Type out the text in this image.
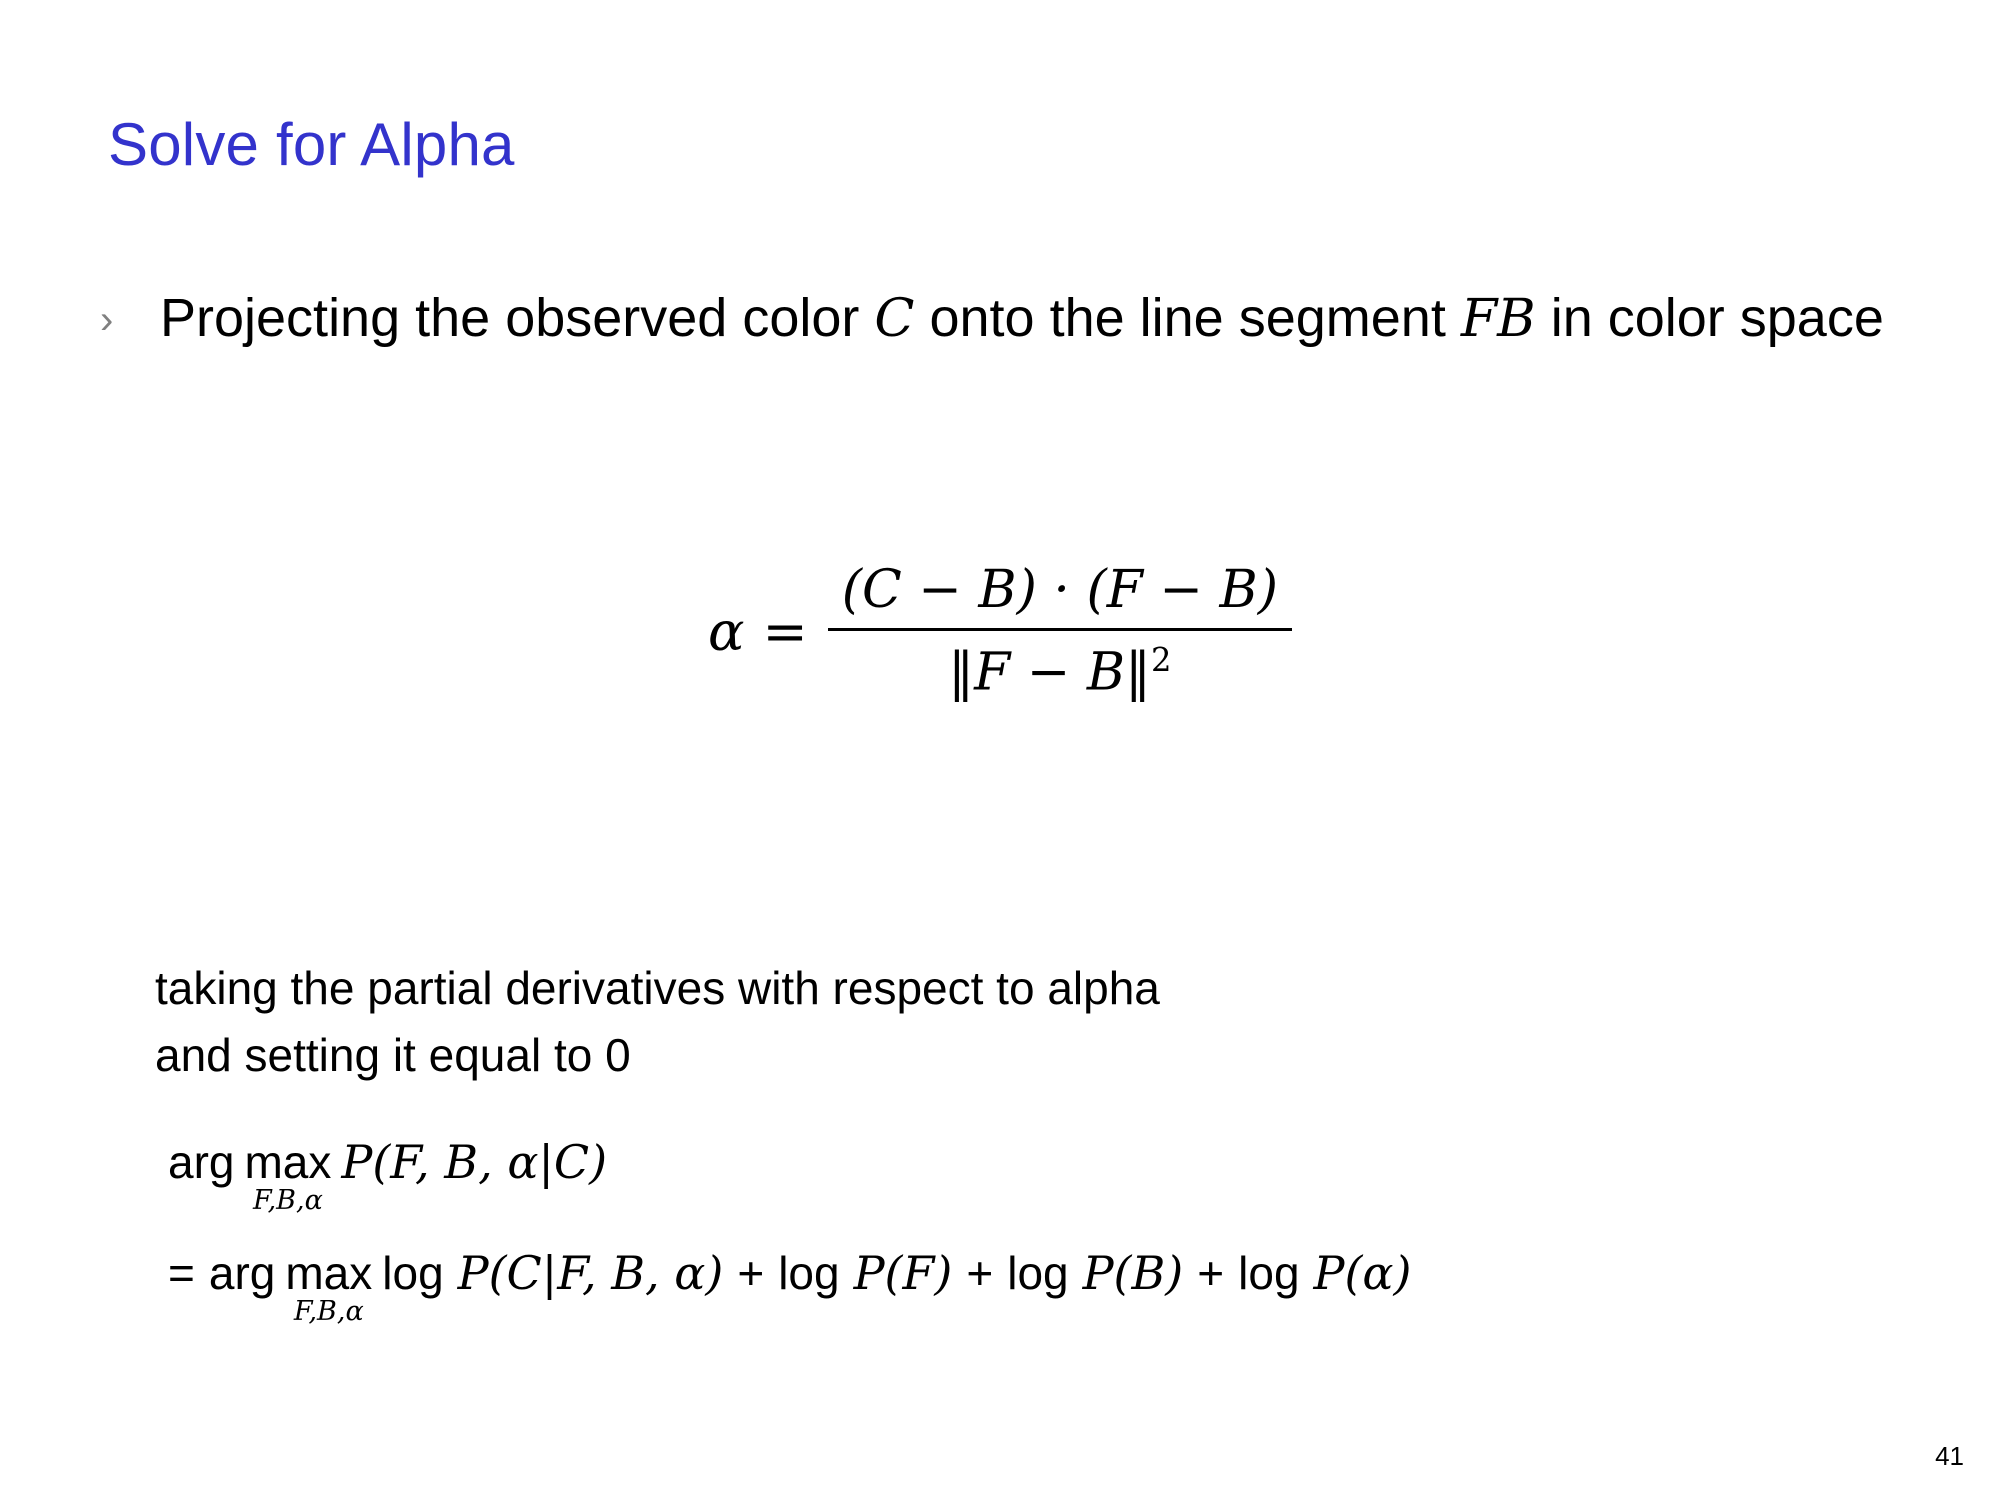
Solve for Alpha
› Projecting the observed color C onto the line segment FB in color space
$\alpha = \frac{(C - B) \cdot (F - B)}{‖F - B‖^2}$
taking the partial derivatives with respect to alpha
and setting it equal to 0
arg max
F,B,α
P(F, B, α|C)
= arg max
F,B,α
log P(C|F, B, α) + log P(F) + log P(B) + log P(α)
41
